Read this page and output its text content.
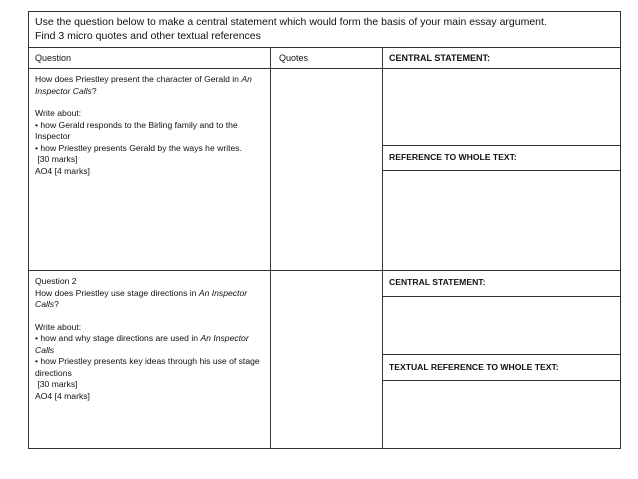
Use the question below to make a central statement which would form the basis of your main essay argument.
Find 3 micro quotes and other textual references
Question	Quotes	CENTRAL STATEMENT:

How does Priestley present the character of Gerald in An Inspector Calls?

Write about:

• how Gerald responds to the Birling family and to the Inspector

• how Priestley presents Gerald by the ways he writes.

[30 marks]

AO4 [4 marks]

REFERENCE TO WHOLE TEXT:

Question 2

How does Priestley use stage directions in An Inspector Calls?

Write about:

• how and why stage directions are used in An Inspector Calls

• how Priestley presents key ideas through his use of stage directions

[30 marks]

AO4 [4 marks]

CENTRAL STATEMENT:
TEXTUAL REFERENCE TO WHOLE TEXT:
